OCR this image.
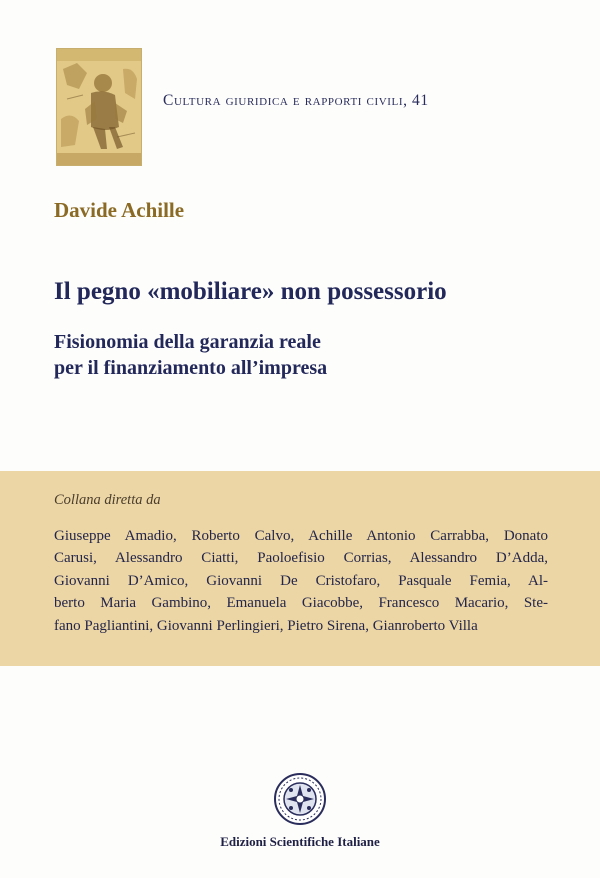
Cultura giuridica e rapporti civili, 41
Davide Achille
Il pegno «mobiliare» non possessorio
Fisionomia della garanzia reale
per il finanziamento all’impresa
Collana diretta da
Giuseppe Amadio, Roberto Calvo, Achille Antonio Carrabba, Donato
Carusi, Alessandro Ciatti, Paoloefisio Corrias, Alessandro D’Adda,
Giovanni D’Amico, Giovanni De Cristofaro, Pasquale Femia, Al-
berto Maria Gambino, Emanuela Giacobbe, Francesco Macario, Ste-
fano Pagliantini, Giovanni Perlingieri, Pietro Sirena, Gianroberto Villa
Edizioni Scientifiche Italiane
